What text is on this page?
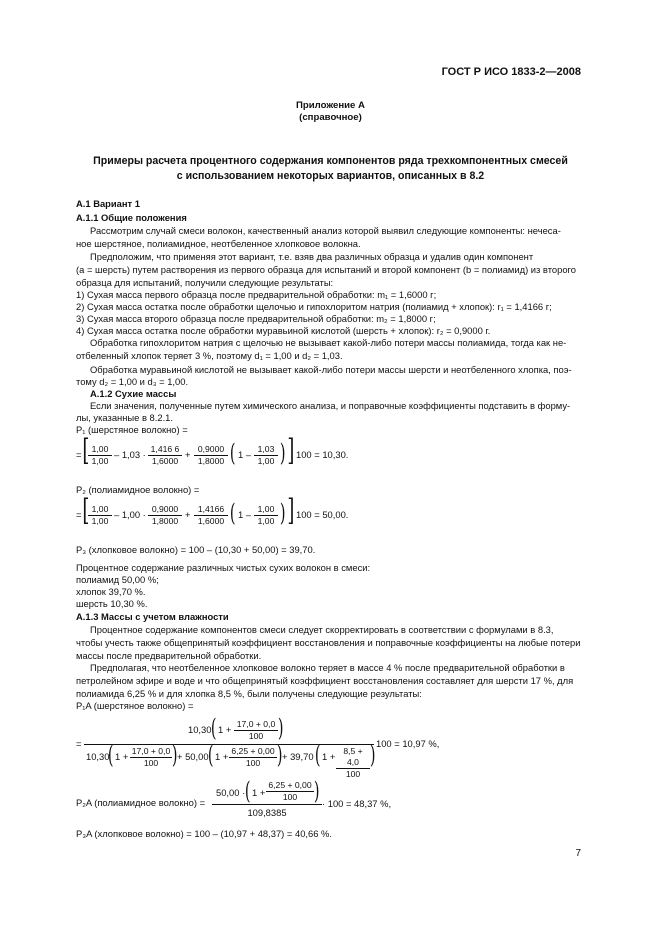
ГОСТ Р ИСО 1833-2—2008
Приложение А
(справочное)
Примеры расчета процентного содержания компонентов ряда трехкомпонентных смесей
с использованием некоторых вариантов, описанных в 8.2
А.1 Вариант 1
А.1.1 Общие положения
Рассмотрим случай смеси волокон, качественный анализ которой выявил следующие компоненты: нечеса-
ное шерстяное, полиамидное, неотбеленное хлопковое волокна.
Предположим, что применяя этот вариант, т.е. взяв два различных образца и удалив один компонент
(a = шерсть) путем растворения из первого образца для испытаний и второй компонент (b = полиамид) из второго
образца для испытаний, получили следующие результаты:
1) Сухая масса первого образца после предварительной обработки: m₁ = 1,6000 г;
2) Сухая масса остатка после обработки щелочью и гипохлоритом натрия (полиамид + хлопок): r₁ = 1,4166 г;
3) Сухая масса второго образца после предварительной обработки: m₂ = 1,8000 г;
4) Сухая масса остатка после обработки муравьиной кислотой (шерсть + хлопок): r₂ = 0,9000 г.
Обработка гипохлоритом натрия с щелочью не вызывает какой-либо потери массы полиамида, тогда как не-
отбеленный хлопок теряет 3 %, поэтому d₁ = 1,00 и d₂ = 1,03.
Обработка муравьиной кислотой не вызывает какой-либо потери массы шерсти и неотбеленного хлопка, поэ-
тому d₂ = 1,00 и d₃ = 1,00.
А.1.2 Сухие массы
Если значения, полученные путем химического анализа, и поправочные коэффициенты подставить в форму-
лы, указанные в 8.2.1.
P₁ (шерстяное волокно) =
= [
$\frac{1,00}{1,00} - 1,03 \cdot \frac{1,416 6}{1,6000} + \frac{0,9000}{1,8000}$ ( $1 - \frac{1,03}{1,00}$ ) ] 100 = 10,30.
P₂ (полиамидное волокно) =
= [
$\frac{1,00}{1,00} - 1,00 \cdot \frac{0,9000}{1,8000} + \frac{1,4166}{1,6000}$ ( $1 - \frac{1,00}{1,00}$ ) ] 100 = 50,00.
P₃ (хлопковое волокно) = 100 – (10,30 + 50,00) = 39,70.
Процентное содержание различных чистых сухих волокон в смеси:
полиамид 50,00 %;
хлопок 39,70 %.
шерсть 10,30 %.
А.1.3 Массы с учетом влажности
Процентное содержание компонентов смеси следует скорректировать в соответствии с формулами в 8.3,
чтобы учесть также общепринятый коэффициент восстановления и поправочные коэффициенты на любые потери
массы после предварительной обработки.
Предполагая, что неотбеленное хлопковое волокно теряет в массе 4 % после предварительной обработки в
петролейном эфире и воде и что общепринятый коэффициент восстановления составляет для шерсти 17 %, для
полиамида 6,25 % и для хлопка 8,5 %, были получены следующие результаты:
P₁A (шерстяное волокно) =
10,30 ( $1 + \frac{17,0 + 0,0}{100}$ )
=
10,30
( $1 + \frac{17,0 + 0,0}{100}$ ) + 50,00 ( $1 + \frac{6,25 + 0,00}{100}$ ) + 39,70 ( $1 + \frac{8,5 + 4,0}{100}$ ) 100 = 10,97 %,
P₂A (полиамидное волокно) =
50,00 · ( $1 + \frac{6,25 + 0,00}{100}$ )
109,8385
· 100 = 48,37 %,
P₃A (хлопковое волокно) = 100 – (10,97 + 48,37) = 40,66 %.
7
